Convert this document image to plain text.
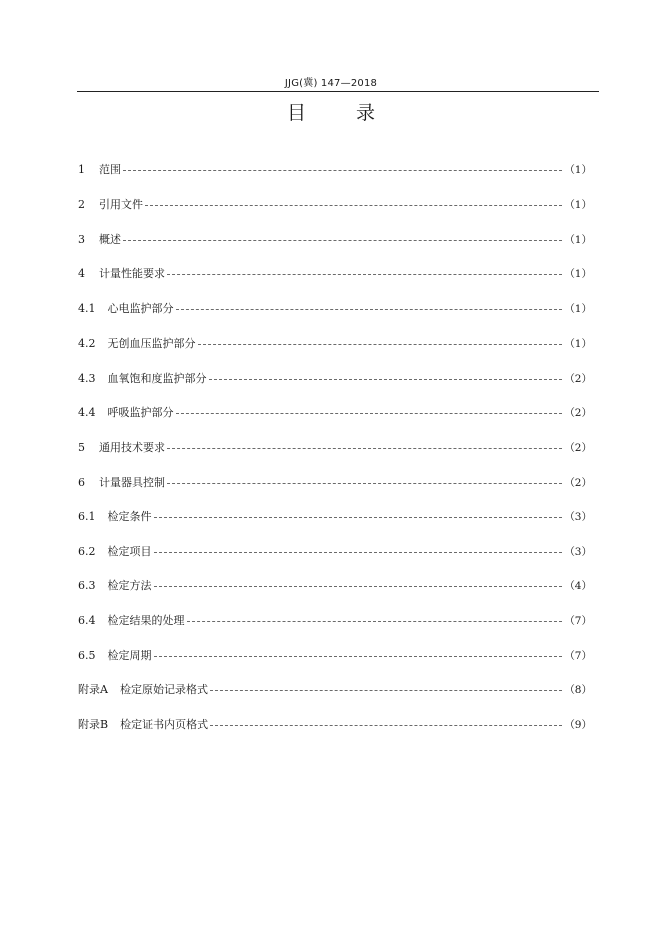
JJG(冀) 147—2018
目 录
1 范围	（1）
2 引用文件	（1）
3 概述	（1）
4 计量性能要求	（1）
4.1 心电监护部分	（1）
4.2 无创血压监护部分	（1）
4.3 血氧饱和度监护部分	（2）
4.4 呼吸监护部分	（2）
5 通用技术要求	（2）
6 计量器具控制	（2）
6.1 检定条件	（3）
6.2 检定项目	（3）
6.3 检定方法	（4）
6.4 检定结果的处理	（7）
6.5 检定周期	（7）
附录A 检定原始记录格式	（8）
附录B 检定证书内页格式	（9）
